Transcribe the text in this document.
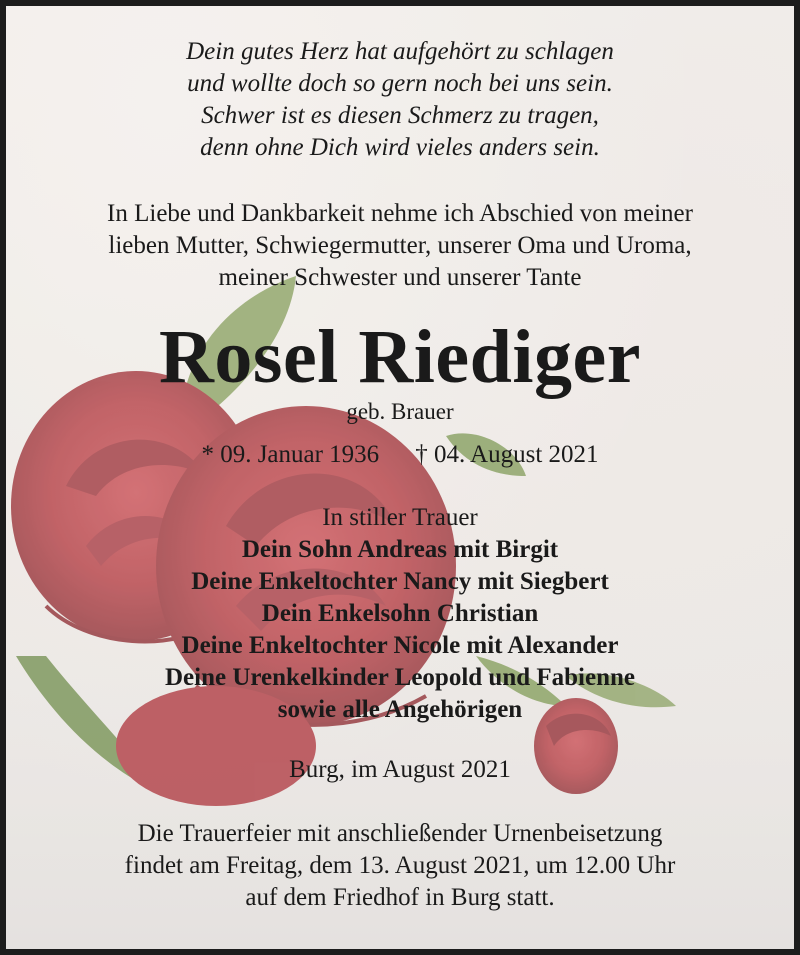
Dein gutes Herz hat aufgehört zu schlagen
und wollte doch so gern noch bei uns sein.
Schwer ist es diesen Schmerz zu tragen,
denn ohne Dich wird vieles anders sein.
In Liebe und Dankbarkeit nehme ich Abschied von meiner
lieben Mutter, Schwiegermutter, unserer Oma und Uroma,
meiner Schwester und unserer Tante
Rosel Riediger
geb. Brauer
* 09. Januar 1936 † 04. August 2021
In stiller Trauer
Dein Sohn Andreas mit Birgit
Deine Enkeltochter Nancy mit Siegbert
Dein Enkelsohn Christian
Deine Enkeltochter Nicole mit Alexander
Deine Urenkelkinder Leopold und Fabienne
sowie alle Angehörigen
Burg, im August 2021
Die Trauerfeier mit anschließender Urnenbeisetzung
findet am Freitag, dem 13. August 2021, um 12.00 Uhr
auf dem Friedhof in Burg statt.
